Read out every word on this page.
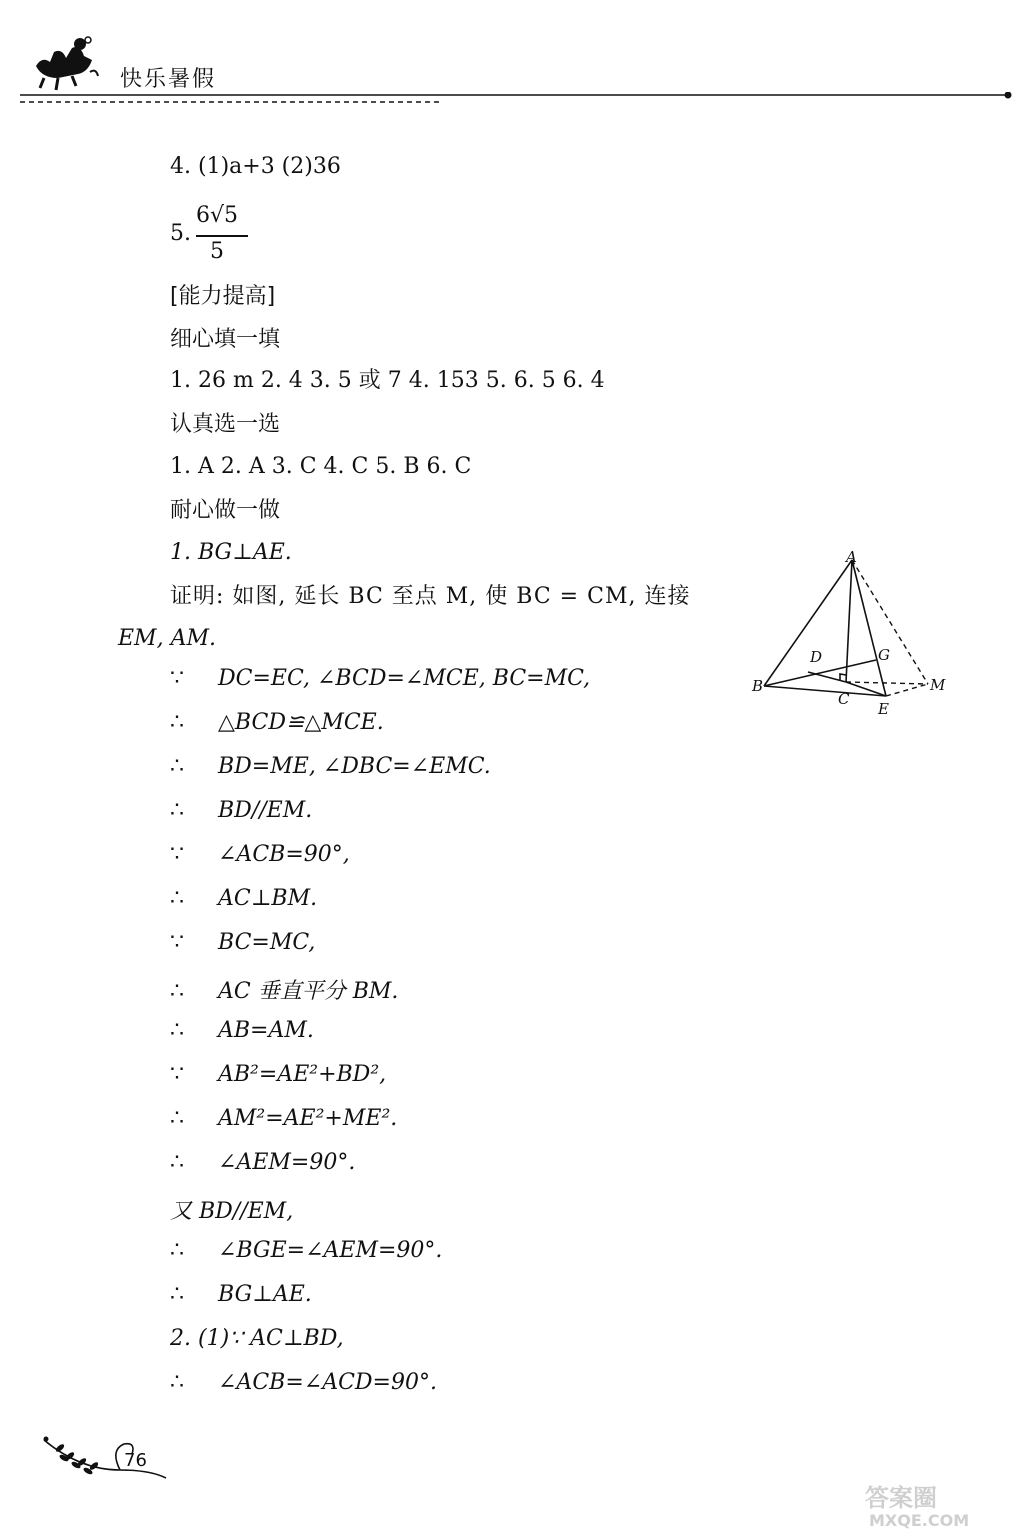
快乐暑假
4. (1)a+3 (2)36
5.
6√5
5
[能力提高]
细心填一填
1. 26 m 2. 4 3. 5 或 7 4. 153 5. 6. 5 6. 4
认真选一选
1. A 2. A 3. C 4. C 5. B 6. C
耐心做一做
1. BG⊥AE.
证明: 如图, 延长 BC 至点 M, 使 BC = CM, 连接
EM, AM.
∵ DC=EC, ∠BCD=∠MCE, BC=MC,
∴ △BCD≌△MCE.
∴ BD=ME, ∠DBC=∠EMC.
∴ BD//EM.
∵ ∠ACB=90°,
∴ AC⊥BM.
∵ BC=MC,
∴ AC 垂直平分 BM.
∴ AB=AM.
∵ AB²=AE²+BD²,
∴ AM²=AE²+ME².
∴ ∠AEM=90°.
又 BD//EM,
∴ ∠BGE=∠AEM=90°.
∴ BG⊥AE.
2. (1)∵ AC⊥BD,
∴ ∠ACB=∠ACD=90°.
A
B
C
D
E
G
M
76
答案圈
MXQE.COM
